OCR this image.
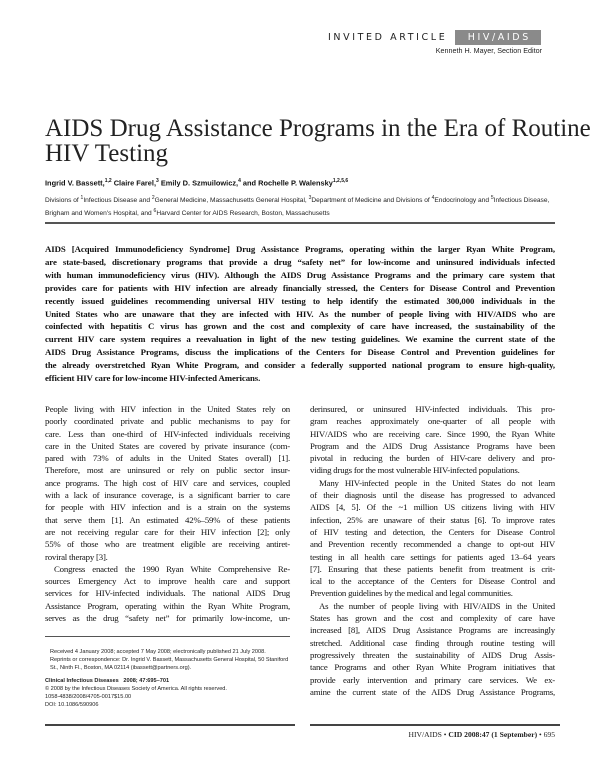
INVITED ARTICLE	HIV/AIDS
Kenneth H. Mayer, Section Editor
AIDS Drug Assistance Programs in the Era of Routine
HIV Testing
Ingrid V. Bassett,$^{1,2}$ Claire Farel,$^3$ Emily D. Szmuilowicz,$^4$ and Rochelle P. Walensky$^{1,2,5,6}$
Divisions of $^1$Infectious Disease and $^2$General Medicine, Massachusetts General Hospital, $^3$Department of Medicine and Divisions of $^4$Endocrinology and $^5$Infectious Disease, Brigham and Women's Hospital, and $^6$Harvard Center for AIDS Research, Boston, Massachusetts
AIDS [Acquired Immunodeficiency Syndrome] Drug Assistance Programs, operating within the larger Ryan White Program,
are state-based, discretionary programs that provide a drug “safety net” for low-income and uninsured individuals infected
with human immunodeficiency virus (HIV). Although the AIDS Drug Assistance Programs and the primary care system that
provides care for patients with HIV infection are already financially stressed, the Centers for Disease Control and Prevention
recently issued guidelines recommending universal HIV testing to help identify the estimated 300,000 individuals in the
United States who are unaware that they are infected with HIV. As the number of people living with HIV/AIDS who are
coinfected with hepatitis C virus has grown and the cost and complexity of care have increased, the sustainability of the
current HIV care system requires a reevaluation in light of the new testing guidelines. We examine the current state of the
AIDS Drug Assistance Programs, discuss the implications of the Centers for Disease Control and Prevention guidelines for
the already overstretched Ryan White Program, and consider a federally supported national program to ensure high-quality,
efficient HIV care for low-income HIV-infected Americans.
People living with HIV infection in the United States rely on
poorly coordinated private and public mechanisms to pay for
care. Less than one-third of HIV-infected individuals receiving
care in the United States are covered by private insurance (com-
pared with 73% of adults in the United States overall) [1].
Therefore, most are uninsured or rely on public sector insur-
ance programs. The high cost of HIV care and services, coupled
with a lack of insurance coverage, is a significant barrier to care
for people with HIV infection and is a strain on the systems
that serve them [1]. An estimated 42%–59% of these patients
are not receiving regular care for their HIV infection [2]; only
55% of those who are treatment eligible are receiving antiret-
roviral therapy [3].
Congress enacted the 1990 Ryan White Comprehensive Re-
sources Emergency Act to improve health care and support
services for HIV-infected individuals. The national AIDS Drug
Assistance Program, operating within the Ryan White Program,
serves as the drug “safety net” for primarily low-income, un-
derinsured, or uninsured HIV-infected individuals. This pro-
gram reaches approximately one-quarter of all people with
HIV/AIDS who are receiving care. Since 1990, the Ryan White
Program and the AIDS Drug Assistance Programs have been
pivotal in reducing the burden of HIV-care delivery and pro-
viding drugs for the most vulnerable HIV-infected populations.
Many HIV-infected people in the United States do not learn
of their diagnosis until the disease has progressed to advanced
AIDS [4, 5]. Of the ~1 million US citizens living with HIV
infection, 25% are unaware of their status [6]. To improve rates
of HIV testing and detection, the Centers for Disease Control
and Prevention recently recommended a change to opt-out HIV
testing in all health care settings for patients aged 13–64 years
[7]. Ensuring that these patients benefit from treatment is crit-
ical to the acceptance of the Centers for Disease Control and
Prevention guidelines by the medical and legal communities.
As the number of people living with HIV/AIDS in the United
States has grown and the cost and complexity of care have
increased [8], AIDS Drug Assistance Programs are increasingly
stretched. Additional case finding through routine testing will
progressively threaten the sustainability of AIDS Drug Assis-
tance Programs and other Ryan White Program initiatives that
provide early intervention and primary care services. We ex-
amine the current state of the AIDS Drug Assistance Programs,
Received 4 January 2008; accepted 7 May 2008; electronically published 21 July 2008.
Reprints or correspondence: Dr. Ingrid V. Bassett, Massachusetts General Hospital, 50 Staniford St., Ninth Fl., Boston, MA 02114 (ibassett@partners.org).
Clinical Infectious Diseases 2008; 47:695–701
© 2008 by the Infectious Diseases Society of America. All rights reserved.
1058-4838/2008/4705-0017$15.00
DOI: 10.1086/590906
HIV/AIDS • CID 2008:47 (1 September) • 695
